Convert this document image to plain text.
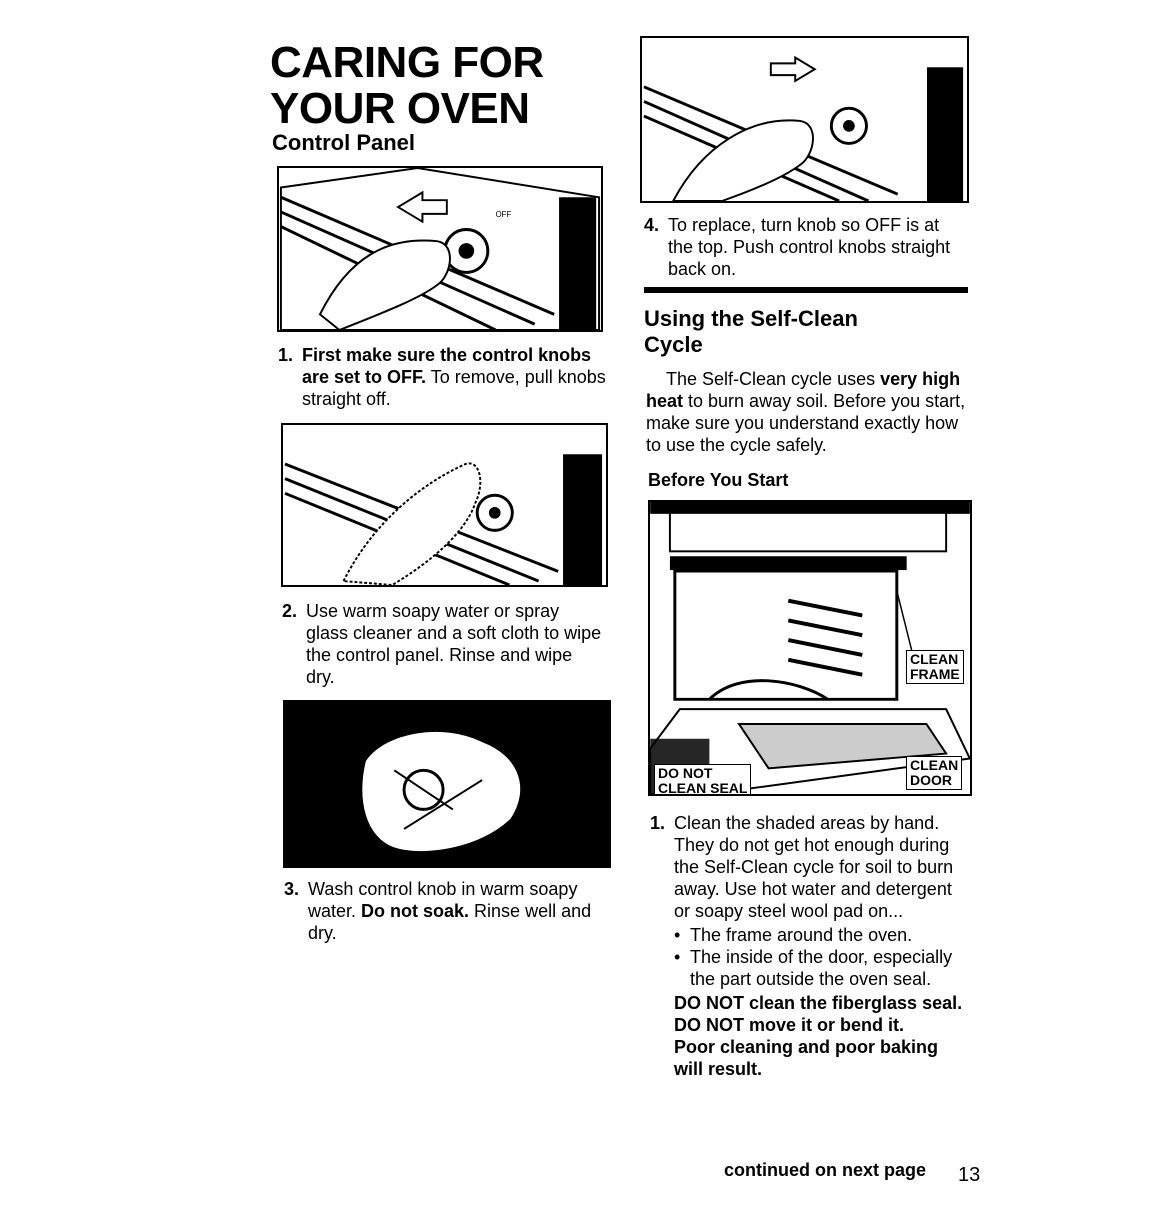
CARING FOR
YOUR OVEN
Control Panel
OFF
1. First make sure the control knobs are set to OFF. To remove, pull knobs straight off.
2. Use warm soapy water or spray glass cleaner and a soft cloth to wipe the control panel. Rinse and wipe dry.
3. Wash control knob in warm soapy water. Do not soak. Rinse well and dry.
4. To replace, turn knob so OFF is at the top. Push control knobs straight back on.
Using the Self-Clean
Cycle
The Self-Clean cycle uses very high heat to burn away soil. Before you start, make sure you understand exactly how to use the cycle safely.
Before You Start
CLEAN
FRAME
DO NOT
CLEAN SEAL
CLEAN
DOOR
1. Clean the shaded areas by hand. They do not get hot enough during the Self-Clean cycle for soil to burn away. Use hot water and detergent or soapy steel wool pad on...
• The frame around the oven.
• The inside of the door, especially the part outside the oven seal.
DO NOT clean the fiberglass seal.
DO NOT move it or bend it.
Poor cleaning and poor baking will result.
continued on next page 13
